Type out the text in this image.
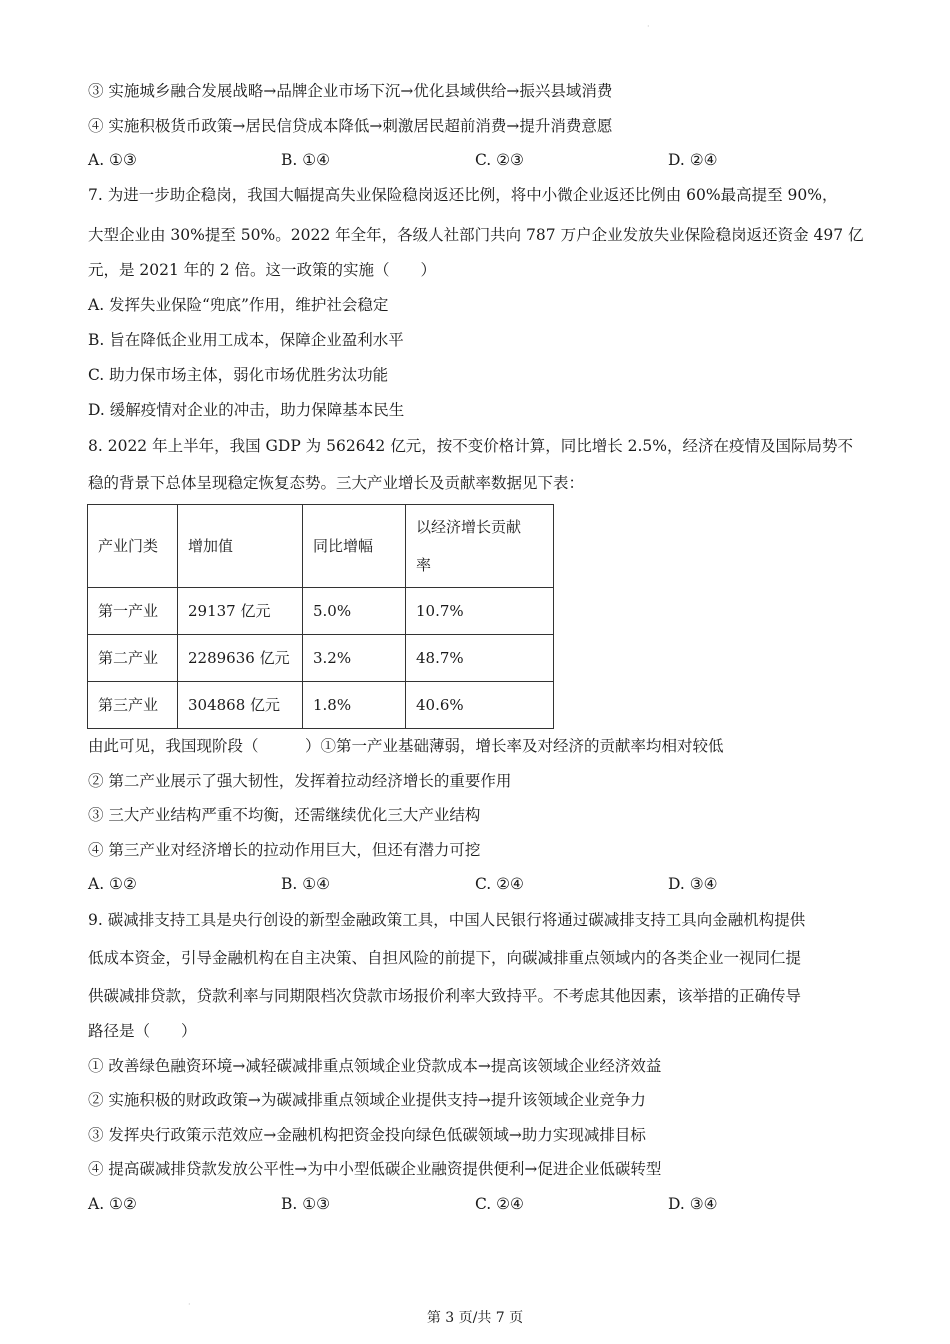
·
③ 实施城乡融合发展战略→品牌企业市场下沉→优化县域供给→振兴县域消费
④ 实施积极货币政策→居民信贷成本降低→刺激居民超前消费→提升消费意愿
A. ①③	B. ①④	C. ②③	D. ②④
7. 为进一步助企稳岗，我国大幅提高失业保险稳岗返还比例，将中小微企业返还比例由 60%最高提至 90%，
大型企业由 30%提至 50%。2022 年全年，各级人社部门共向 787 万户企业发放失业保险稳岗返还资金 497 亿
元，是 2021 年的 2 倍。这一政策的实施（　　）
A. 发挥失业保险“兜底”作用，维护社会稳定
B. 旨在降低企业用工成本，保障企业盈利水平
C. 助力保市场主体，弱化市场优胜劣汰功能
D. 缓解疫情对企业的冲击，助力保障基本民生
8. 2022 年上半年，我国 GDP 为 562642 亿元，按不变价格计算，同比增长 2.5%，经济在疫情及国际局势不
稳的背景下总体呈现稳定恢复态势。三大产业增长及贡献率数据见下表：
产业门类	增加值	同比增幅	以经济增长贡献
率

第一产业	29137 亿元	5.0%	10.7%
第二产业	2289636 亿元	3.2%	48.7%
第三产业	304868 亿元	1.8%	40.6%
由此可见，我国现阶段（　　　）①第一产业基础薄弱，增长率及对经济的贡献率均相对较低
② 第二产业展示了强大韧性，发挥着拉动经济增长的重要作用
③ 三大产业结构严重不均衡，还需继续优化三大产业结构
④ 第三产业对经济增长的拉动作用巨大，但还有潜力可挖
A. ①②	B. ①④	C. ②④	D. ③④
9. 碳减排支持工具是央行创设的新型金融政策工具，中国人民银行将通过碳减排支持工具向金融机构提供
低成本资金，引导金融机构在自主决策、自担风险的前提下，向碳减排重点领域内的各类企业一视同仁提
供碳减排贷款，贷款利率与同期限档次贷款市场报价利率大致持平。不考虑其他因素，该举措的正确传导
路径是（　　）
① 改善绿色融资环境→减轻碳减排重点领域企业贷款成本→提高该领域企业经济效益
② 实施积极的财政政策→为碳减排重点领域企业提供支持→提升该领域企业竞争力
③ 发挥央行政策示范效应→金融机构把资金投向绿色低碳领域→助力实现减排目标
④ 提高碳减排贷款发放公平性→为中小型低碳企业融资提供便利→促进企业低碳转型
A. ①②	B. ①③	C. ②④	D. ③④
·
第 3 页/共 7 页
